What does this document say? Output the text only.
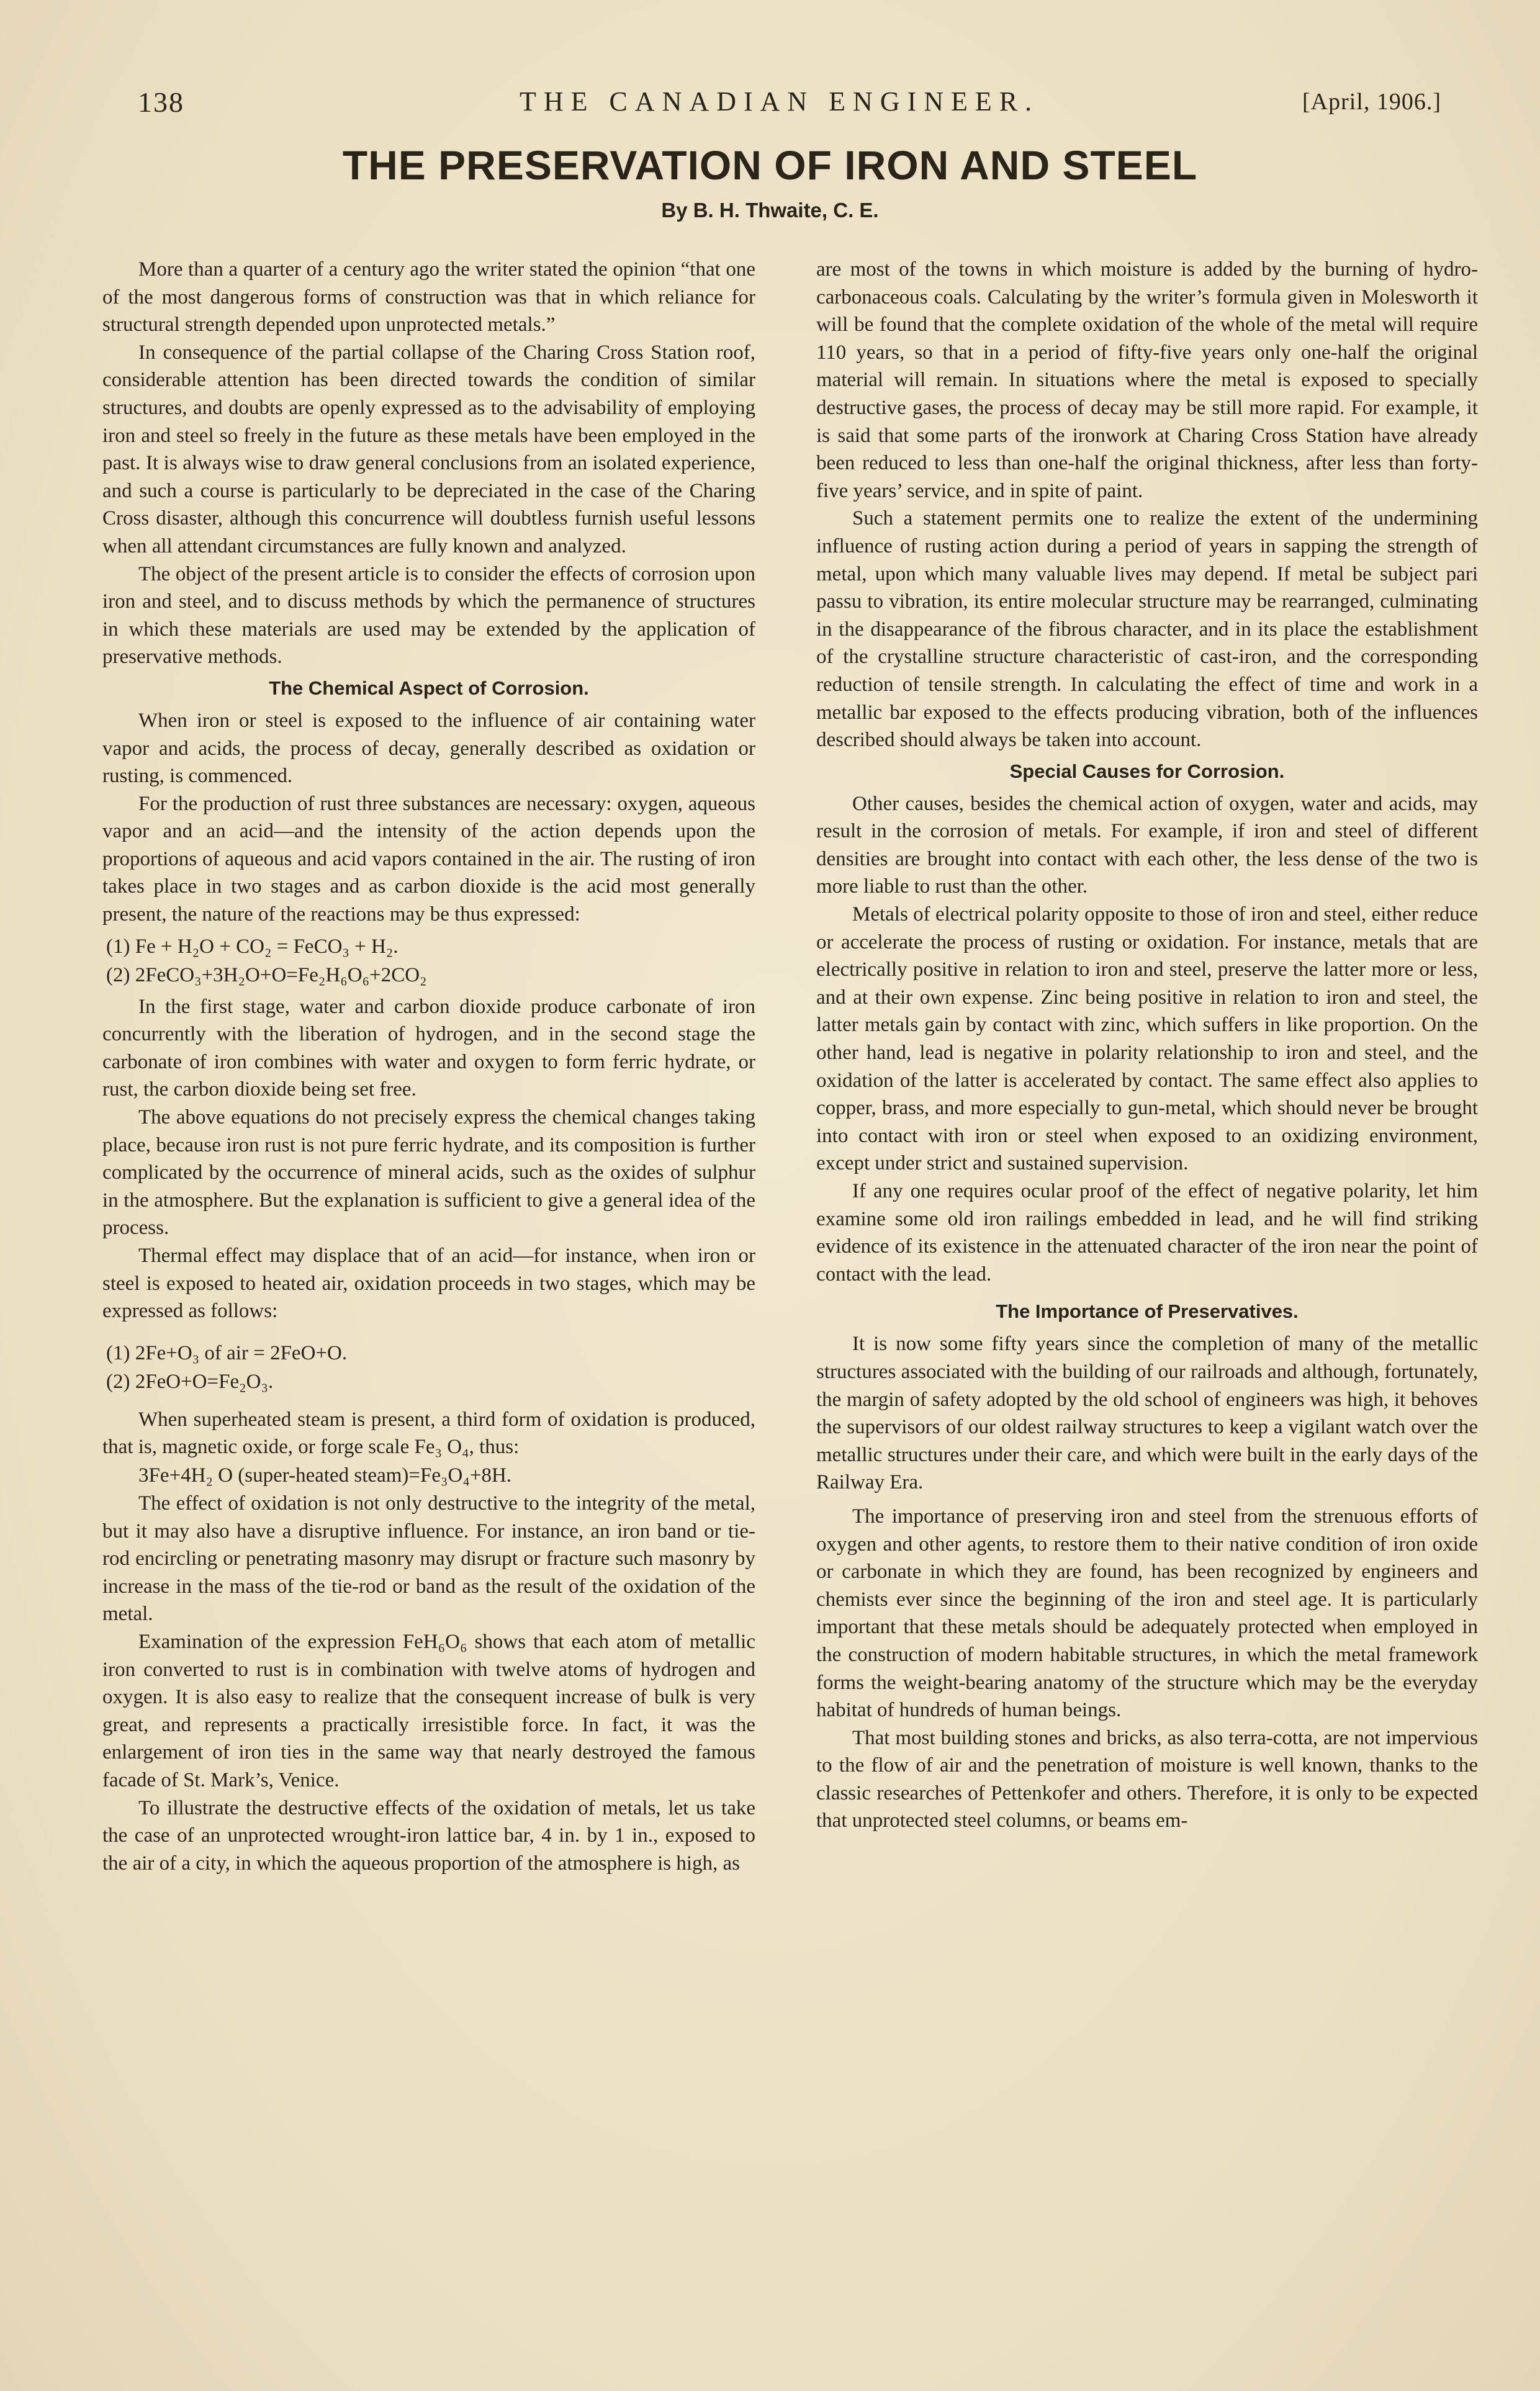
138	THE CANADIAN ENGINEER.	[April, 1906.]
THE PRESERVATION OF IRON AND STEEL
By B. H. Thwaite, C. E.

More than a quarter of a century ago the writer stated the opinion “that one of the most dangerous forms of construction was that in which reliance for structural strength depended upon unprotected metals.”

In consequence of the partial collapse of the Charing Cross Station roof, considerable attention has been directed towards the condition of similar structures, and doubts are openly expressed as to the advisability of employing iron and steel so freely in the future as these metals have been employed in the past. It is always wise to draw general conclusions from an isolated experience, and such a course is particularly to be depreciated in the case of the Charing Cross disaster, although this concurrence will doubtless furnish useful lessons when all attendant circumstances are fully known and analyzed.

The object of the present article is to consider the effects of corrosion upon iron and steel, and to discuss methods by which the permanence of structures in which these materials are used may be extended by the application of preservative methods.

The Chemical Aspect of Corrosion.

When iron or steel is exposed to the influence of air containing water vapor and acids, the process of decay, generally described as oxidation or rusting, is commenced.

For the production of rust three substances are necessary: oxygen, aqueous vapor and an acid—and the intensity of the action depends upon the proportions of aqueous and acid vapors contained in the air. The rusting of iron takes place in two stages and as carbon dioxide is the acid most generally present, the nature of the reactions may be thus expressed:

(1) Fe + H₂O + CO₂ = FeCO₃ + H₂.
(2) 2FeCO₃+3H₂O+O=Fe₂H₆O₆+2CO₂

In the first stage, water and carbon dioxide produce carbonate of iron concurrently with the liberation of hydrogen, and in the second stage the carbonate of iron combines with water and oxygen to form ferric hydrate, or rust, the carbon dioxide being set free.

The above equations do not precisely express the chemical changes taking place, because iron rust is not pure ferric hydrate, and its composition is further complicated by the occurrence of mineral acids, such as the oxides of sulphur in the atmosphere. But the explanation is sufficient to give a general idea of the process.

Thermal effect may displace that of an acid—for instance, when iron or steel is exposed to heated air, oxidation proceeds in two stages, which may be expressed as follows:

(1) 2Fe+O₃ of air = 2FeO+O.
(2) 2FeO+O=Fe₂O₃.

When superheated steam is present, a third form of oxidation is produced, that is, magnetic oxide, or forge scale Fe₃ O₄, thus:

3Fe+4H₂ O (super-heated steam)=Fe₃O₄+8H.

The effect of oxidation is not only destructive to the integrity of the metal, but it may also have a disruptive influence. For instance, an iron band or tie-rod encircling or penetrating masonry may disrupt or fracture such masonry by increase in the mass of the tie-rod or band as the result of the oxidation of the metal.

Examination of the expression FeH₆O₆ shows that each atom of metallic iron converted to rust is in combination with twelve atoms of hydrogen and oxygen. It is also easy to realize that the consequent increase of bulk is very great, and represents a practically irresistible force. In fact, it was the enlargement of iron ties in the same way that nearly destroyed the famous facade of St. Mark’s, Venice.

To illustrate the destructive effects of the oxidation of metals, let us take the case of an unprotected wrought-iron lattice bar, 4 in. by 1 in., exposed to the air of a city, in which the aqueous proportion of the atmosphere is high, as

are most of the towns in which moisture is added by the burning of hydro-carbonaceous coals. Calculating by the writer’s formula given in Molesworth it will be found that the complete oxidation of the whole of the metal will require 110 years, so that in a period of fifty-five years only one-half the original material will remain. In situations where the metal is exposed to specially destructive gases, the process of decay may be still more rapid. For example, it is said that some parts of the ironwork at Charing Cross Station have already been reduced to less than one-half the original thickness, after less than forty-five years’ service, and in spite of paint.

Such a statement permits one to realize the extent of the undermining influence of rusting action during a period of years in sapping the strength of metal, upon which many valuable lives may depend. If metal be subject pari passu to vibration, its entire molecular structure may be rearranged, culminating in the disappearance of the fibrous character, and in its place the establishment of the crystalline structure characteristic of cast-iron, and the corresponding reduction of tensile strength. In calculating the effect of time and work in a metallic bar exposed to the effects producing vibration, both of the influences described should always be taken into account.

Special Causes for Corrosion.

Other causes, besides the chemical action of oxygen, water and acids, may result in the corrosion of metals. For example, if iron and steel of different densities are brought into contact with each other, the less dense of the two is more liable to rust than the other.

Metals of electrical polarity opposite to those of iron and steel, either reduce or accelerate the process of rusting or oxidation. For instance, metals that are electrically positive in relation to iron and steel, preserve the latter more or less, and at their own expense. Zinc being positive in relation to iron and steel, the latter metals gain by contact with zinc, which suffers in like proportion. On the other hand, lead is negative in polarity relationship to iron and steel, and the oxidation of the latter is accelerated by contact. The same effect also applies to copper, brass, and more especially to gun-metal, which should never be brought into contact with iron or steel when exposed to an oxidizing environment, except under strict and sustained supervision.

If any one requires ocular proof of the effect of negative polarity, let him examine some old iron railings embedded in lead, and he will find striking evidence of its existence in the attenuated character of the iron near the point of contact with the lead.

The Importance of Preservatives.

It is now some fifty years since the completion of many of the metallic structures associated with the building of our railroads and although, fortunately, the margin of safety adopted by the old school of engineers was high, it behoves the supervisors of our oldest railway structures to keep a vigilant watch over the metallic structures under their care, and which were built in the early days of the Railway Era.

The importance of preserving iron and steel from the strenuous efforts of oxygen and other agents, to restore them to their native condition of iron oxide or carbonate in which they are found, has been recognized by engineers and chemists ever since the beginning of the iron and steel age. It is particularly important that these metals should be adequately protected when employed in the construction of modern habitable structures, in which the metal framework forms the weight-bearing anatomy of the structure which may be the everyday habitat of hundreds of human beings.

That most building stones and bricks, as also terra-cotta, are not impervious to the flow of air and the penetration of moisture is well known, thanks to the classic researches of Pettenkofer and others. Therefore, it is only to be expected that unprotected steel columns, or beams em-
